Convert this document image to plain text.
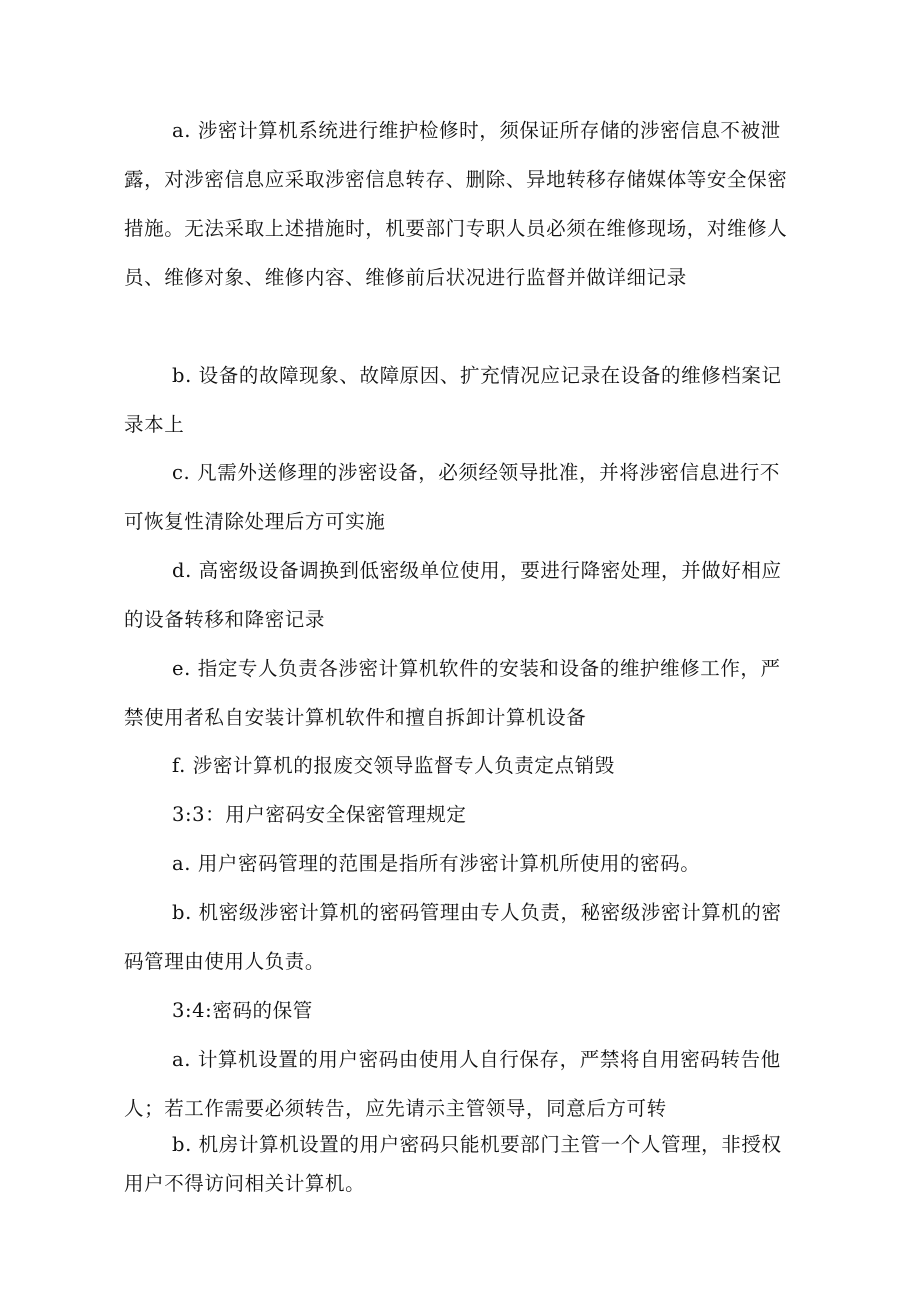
a. 涉密计算机系统进行维护检修时，须保证所存储的涉密信息不被泄露，对涉密信息应采取涉密信息转存、删除、异地转移存储媒体等安全保密措施。无法采取上述措施时，机要部门专职人员必须在维修现场，对维修人员、维修对象、维修内容、维修前后状况进行监督并做详细记录

b. 设备的故障现象、故障原因、扩充情况应记录在设备的维修档案记录本上

c. 凡需外送修理的涉密设备，必须经领导批准，并将涉密信息进行不可恢复性清除处理后方可实施

d. 高密级设备调换到低密级单位使用，要进行降密处理，并做好相应的设备转移和降密记录

e. 指定专人负责各涉密计算机软件的安装和设备的维护维修工作，严禁使用者私自安装计算机软件和擅自拆卸计算机设备

f. 涉密计算机的报废交领导监督专人负责定点销毁

3:3：用户密码安全保密管理规定

a. 用户密码管理的范围是指所有涉密计算机所使用的密码。

b. 机密级涉密计算机的密码管理由专人负责，秘密级涉密计算机的密码管理由使用人负责。

3:4:密码的保管

a. 计算机设置的用户密码由使用人自行保存，严禁将自用密码转告他人；若工作需要必须转告，应先请示主管领导，同意后方可转

b. 机房计算机设置的用户密码只能机要部门主管一个人管理，非授权用户不得访问相关计算机。
